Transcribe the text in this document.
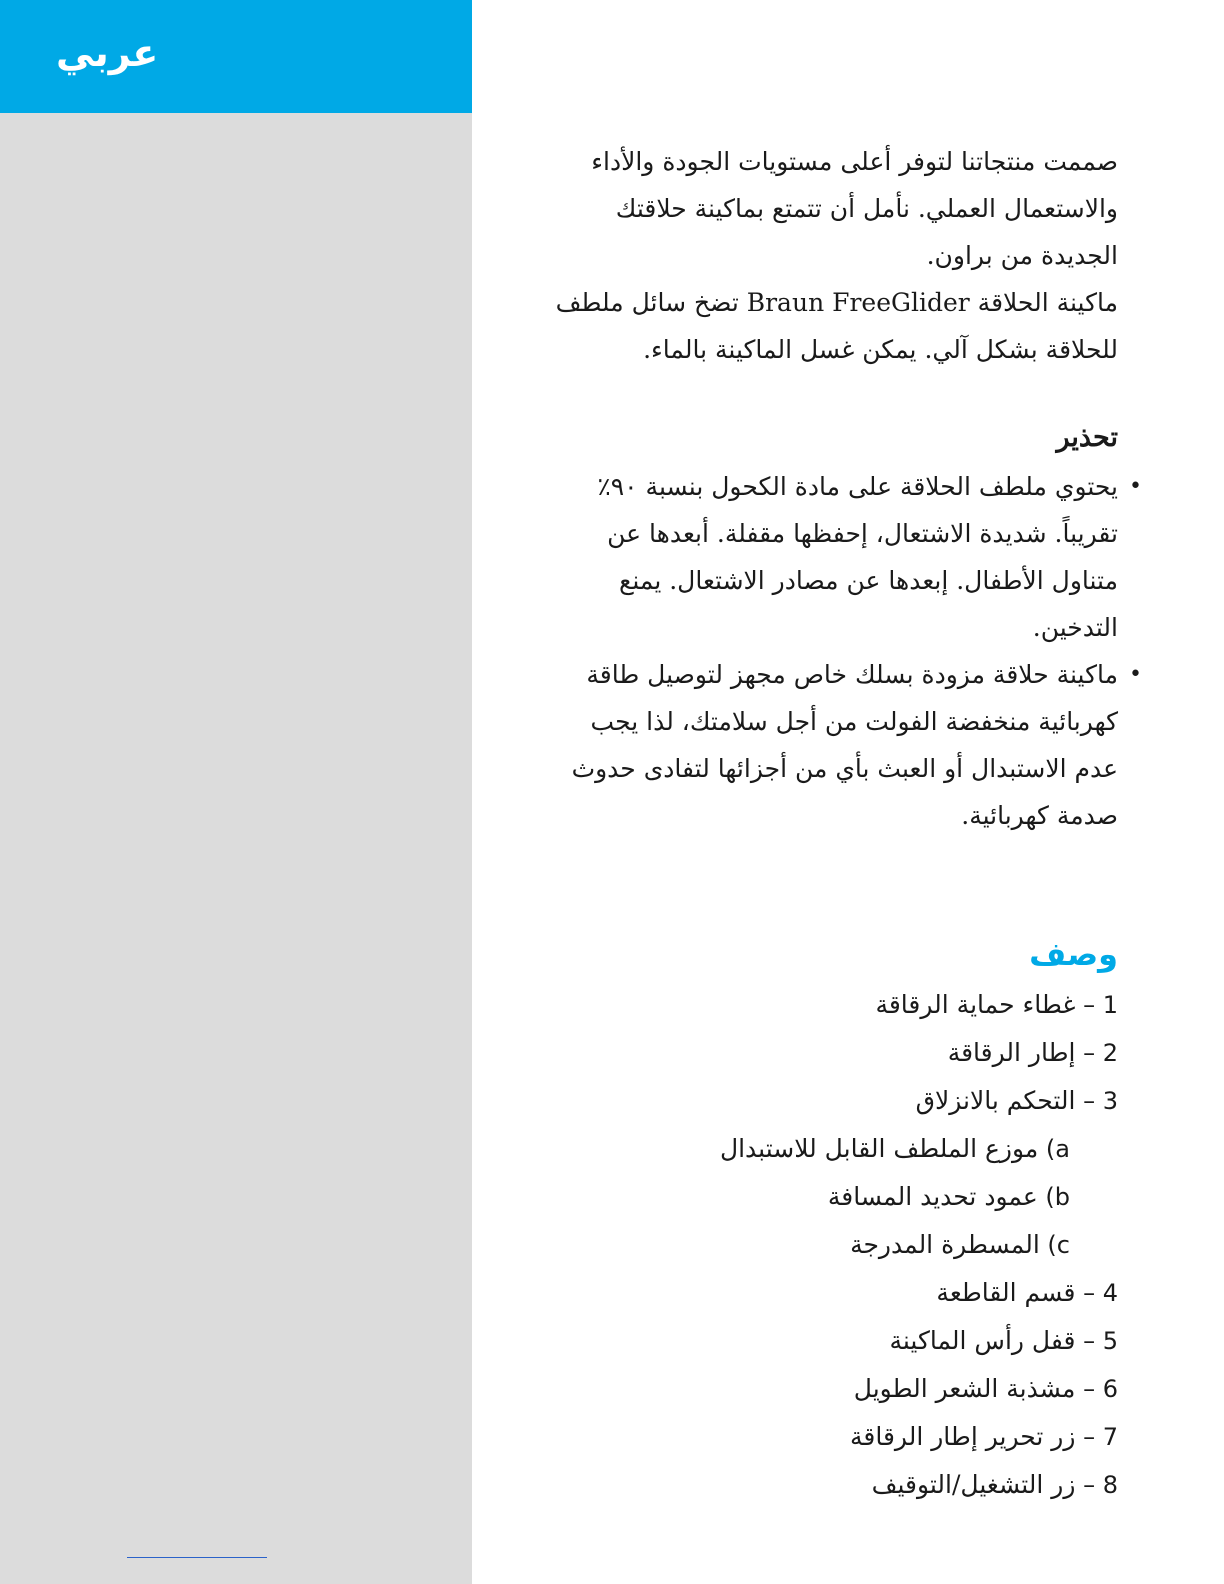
عربي

صممت منتجاتنا لتوفر أعلى مستويات الجودة والأداء

والاستعمال العملي. نأمل أن تتمتع بماكينة حلاقتك

الجديدة من براون.

ماكينة الحلاقة Braun FreeGlider تضخ سائل ملطف

للحلاقة بشكل آلي. يمكن غسل الماكينة بالماء.

تحذير
•

يحتوي ملطف الحلاقة على مادة الكحول بنسبة ٩٠٪

تقريباً. شديدة الاشتعال، إحفظها مقفلة. أبعدها عن

متناول الأطفال. إبعدها عن مصادر الاشتعال. يمنع

التدخين.

•

ماكينة حلاقة مزودة بسلك خاص مجهز لتوصيل طاقة

كهربائية منخفضة الفولت من أجل سلامتك، لذا يجب

عدم الاستبدال أو العبث بأي من أجزائها لتفادى حدوث

صدمة كهربائية.

وصف
1 – غطاء حماية الرقاقة
2 – إطار الرقاقة
3 – التحكم بالانزلاق
a) موزع الملطف القابل للاستبدال
b) عمود تحديد المسافة
c) المسطرة المدرجة
4 – قسم القاطعة
5 – قفل رأس الماكينة
6 – مشذبة الشعر الطويل
7 – زر تحرير إطار الرقاقة
8 – زر التشغيل/التوقيف
